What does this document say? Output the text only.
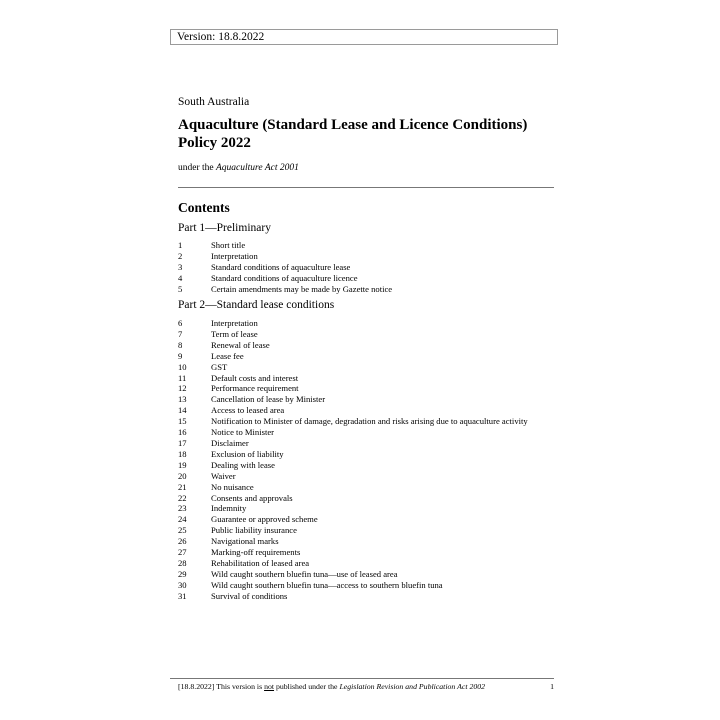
Version: 18.8.2022
South Australia
Aquaculture (Standard Lease and Licence Conditions) Policy 2022
under the Aquaculture Act 2001
Contents
Part 1—Preliminary
1	Short title
2	Interpretation
3	Standard conditions of aquaculture lease
4	Standard conditions of aquaculture licence
5	Certain amendments may be made by Gazette notice
Part 2—Standard lease conditions
6	Interpretation
7	Term of lease
8	Renewal of lease
9	Lease fee
10	GST
11	Default costs and interest
12	Performance requirement
13	Cancellation of lease by Minister
14	Access to leased area
15	Notification to Minister of damage, degradation and risks arising due to aquaculture activity
16	Notice to Minister
17	Disclaimer
18	Exclusion of liability
19	Dealing with lease
20	Waiver
21	No nuisance
22	Consents and approvals
23	Indemnity
24	Guarantee or approved scheme
25	Public liability insurance
26	Navigational marks
27	Marking-off requirements
28	Rehabilitation of leased area
29	Wild caught southern bluefin tuna—use of leased area
30	Wild caught southern bluefin tuna—access to southern bluefin tuna
31	Survival of conditions
[18.8.2022] This version is not published under the Legislation Revision and Publication Act 2002	1
